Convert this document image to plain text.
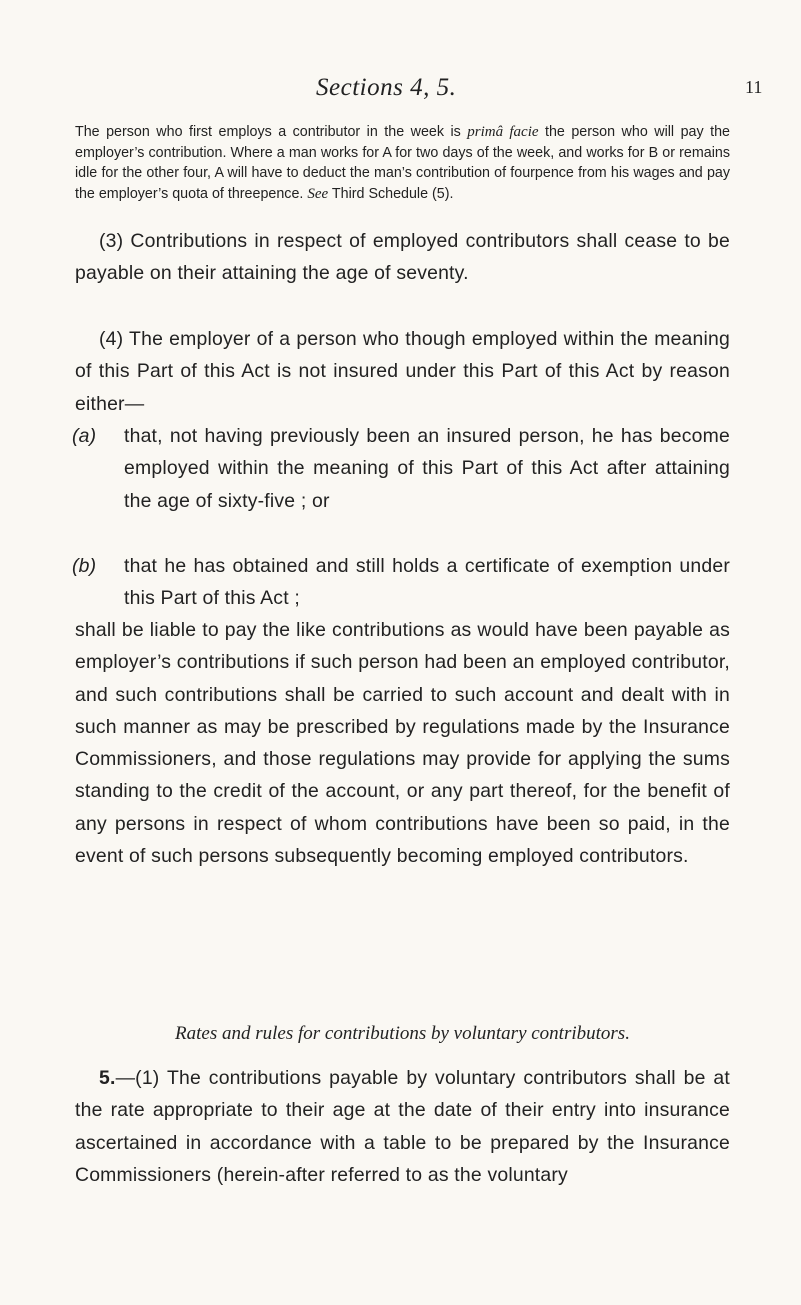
Sections 4, 5.	11

The person who first employs a contributor in the week is primâ facie the person who will pay the employer’s contribution. Where a man works for A for two days of the week, and works for B or remains idle for the other four, A will have to deduct the man’s contribution of fourpence from his wages and pay the employer’s quota of threepence. See Third Schedule (5).

(3) Contributions in respect of employed contributors shall cease to be payable on their attaining the age of seventy.

(4) The employer of a person who though employed within the meaning of this Part of this Act is not insured under this Part of this Act by reason either—

(a) that, not having previously been an insured person, he has become employed within the meaning of this Part of this Act after attaining the age of sixty-five ; or
(b) that he has obtained and still holds a certificate of exemption under this Part of this Act ;

shall be liable to pay the like contributions as would have been payable as employer’s contributions if such person had been an employed contributor, and such contributions shall be carried to such account and dealt with in such manner as may be prescribed by regulations made by the Insurance Commissioners, and those regulations may provide for applying the sums standing to the credit of the account, or any part thereof, for the benefit of any persons in respect of whom contributions have been so paid, in the event of such persons subsequently becoming employed contributors.

Rates and rules for contributions by voluntary contributors.

5.—(1) The contributions payable by voluntary contributors shall be at the rate appropriate to their age at the date of their entry into insurance ascertained in accordance with a table to be prepared by the Insurance Commissioners (herein-after referred to as the voluntary
